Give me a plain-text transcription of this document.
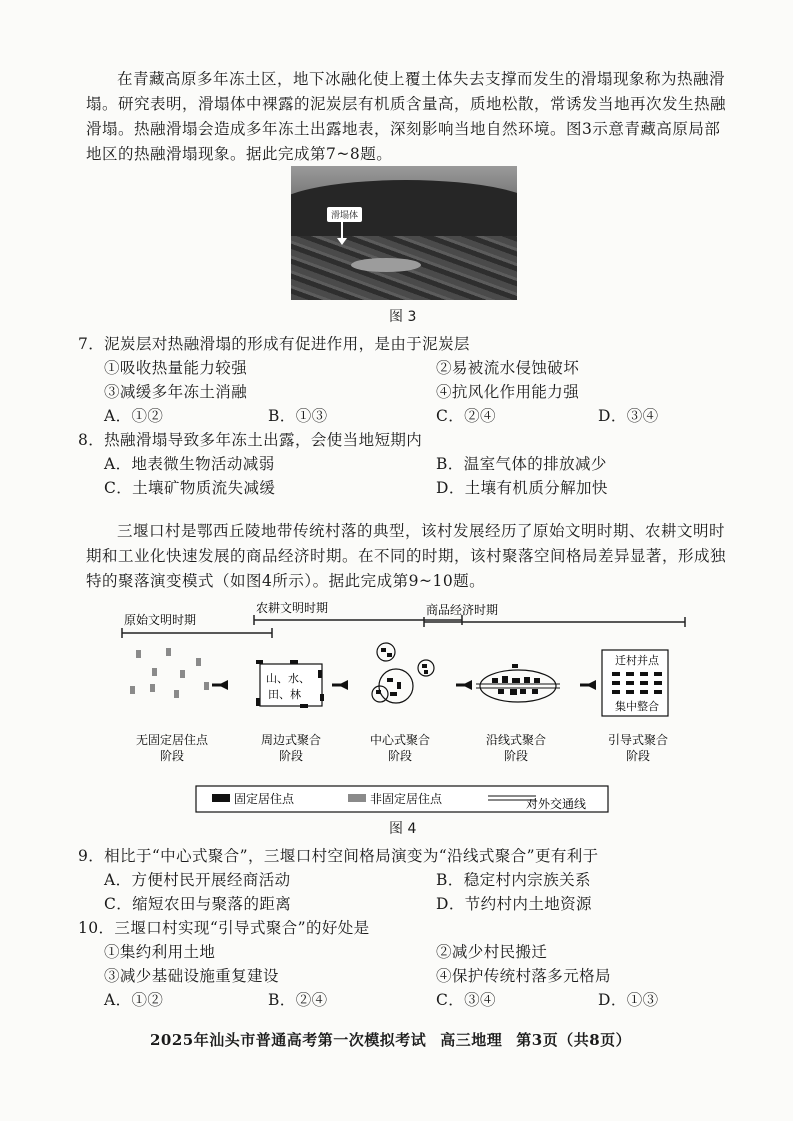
在青藏高原多年冻土区，地下冰融化使上覆土体失去支撑而发生的滑塌现象称为热融滑塌。研究表明，滑塌体中裸露的泥炭层有机质含量高，质地松散，常诱发当地再次发生热融滑塌。热融滑塌会造成多年冻土出露地表，深刻影响当地自然环境。图3示意青藏高原局部地区的热融滑塌现象。据此完成第7~8题。

滑塌体
图 3

7．泥炭层对热融滑塌的形成有促进作用，是由于泥炭层

①吸收热量能力较强	②易被流水侵蚀破坏

③减缓多年冻土消融	④抗风化作用能力强

A．①②	B．①③	C．②④	D．③④

8．热融滑塌导致多年冻土出露，会使当地短期内

A．地表微生物活动减弱	B．温室气体的排放减少

C．土壤矿物质流失减缓	D．土壤有机质分解加快

三堰口村是鄂西丘陵地带传统村落的典型，该村发展经历了原始文明时期、农耕文明时期和工业化快速发展的商品经济时期。在不同的时期，该村聚落空间格局差异显著，形成独特的聚落演变模式（如图4所示）。据此完成第9~10题。

原始文明时期
农耕文明时期	商品经济时期
山、水、
田、林
迁村并点
集中整合
无固定居住点
阶段
周边式聚合
阶段
中心式聚合
阶段
沿线式聚合
阶段
引导式聚合
阶段
固定居住点	非固定居住点	对外交通线
图 4

9．相比于“中心式聚合”，三堰口村空间格局演变为“沿线式聚合”更有利于

A．方便村民开展经商活动	B．稳定村内宗族关系

C．缩短农田与聚落的距离	D．节约村内土地资源

10．三堰口村实现“引导式聚合”的好处是

①集约利用土地	②减少村民搬迁

③减少基础设施重复建设	④保护传统村落多元格局

A．①②	B．②④	C．③④	D．①③

2025年汕头市普通高考第一次模拟考试 高三地理 第3页（共8页）
